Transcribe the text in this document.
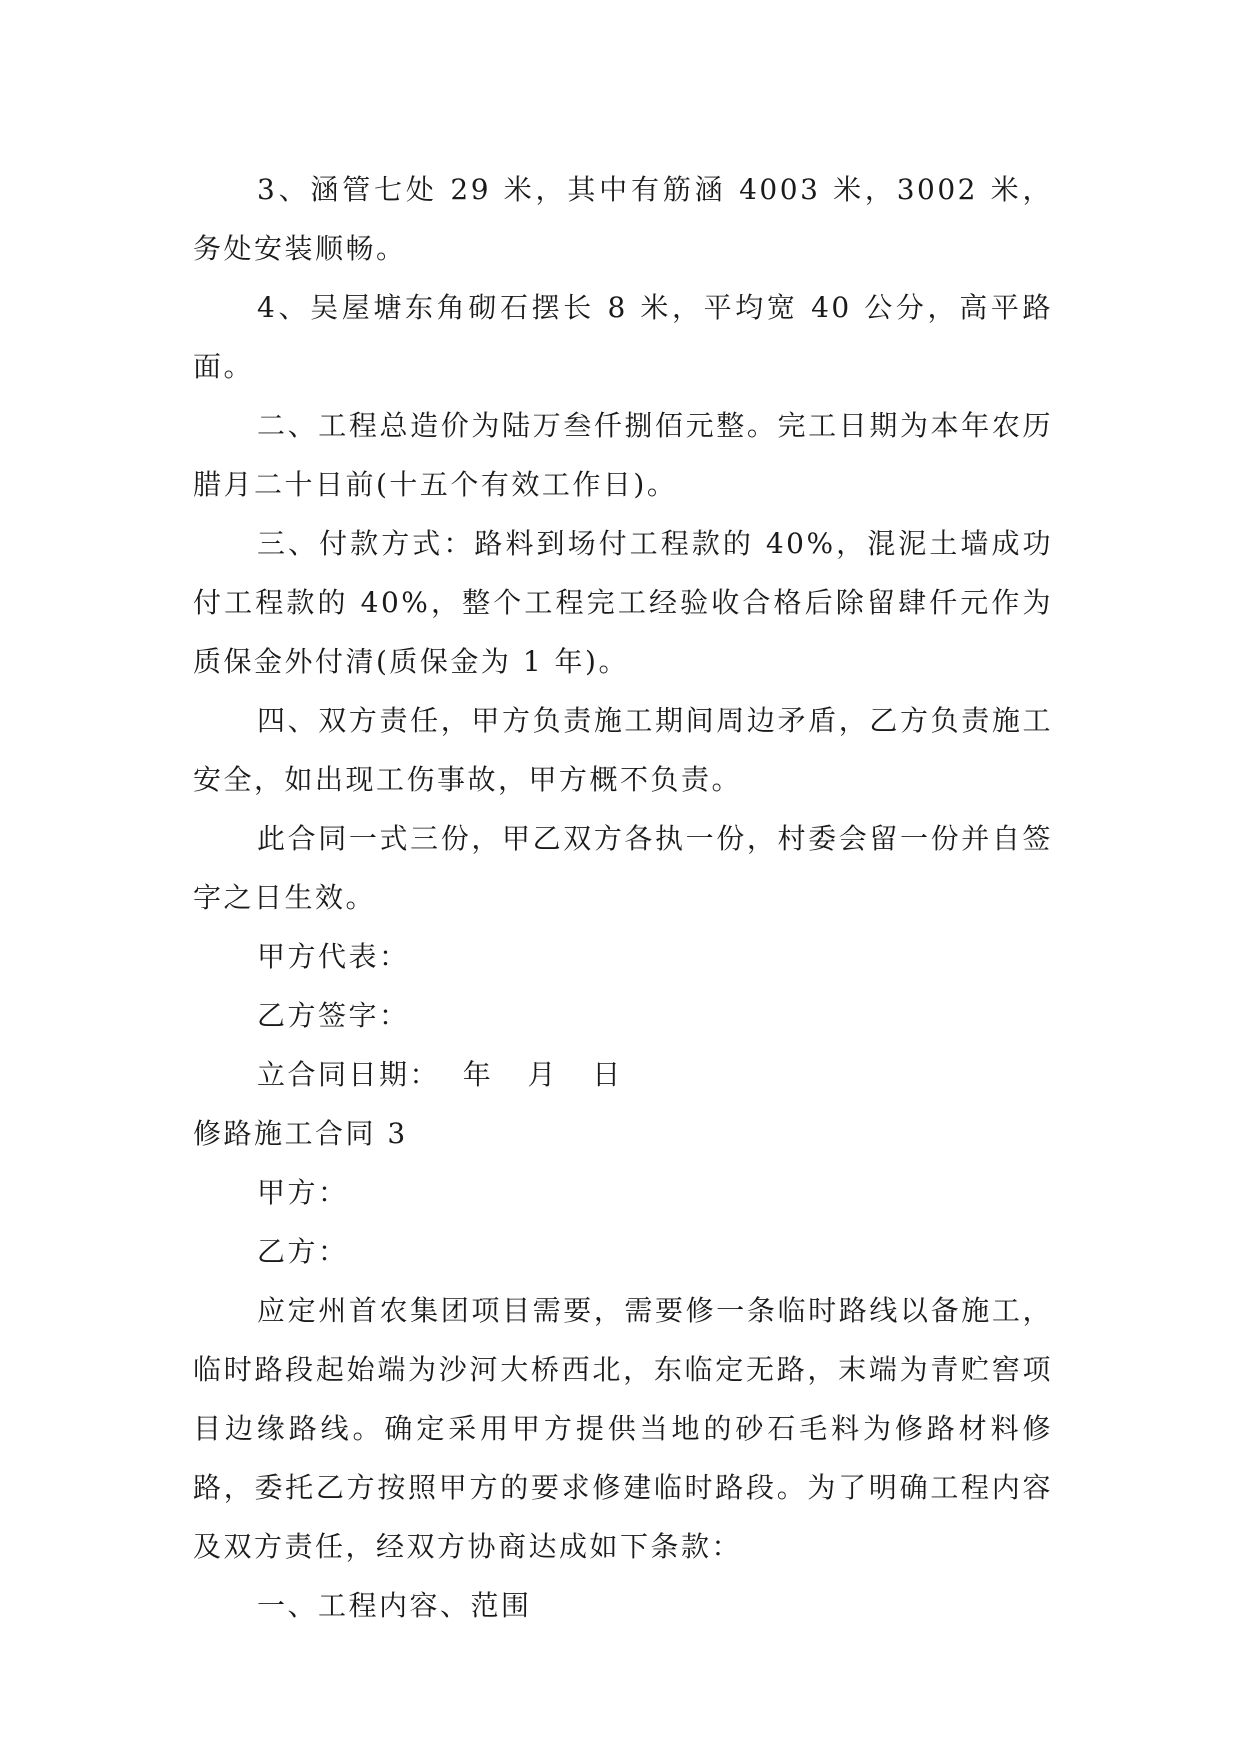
3、涵管七处 29 米，其中有筋涵 4003 米，3002 米，务处安装顺畅。

4、吴屋塘东角砌石摆长 8 米，平均宽 40 公分，高平路面。

二、工程总造价为陆万叁仟捌佰元整。完工日期为本年农历腊月二十日前(十五个有效工作日)。

三、付款方式：路料到场付工程款的 40%，混泥土墙成功付工程款的 40%，整个工程完工经验收合格后除留肆仟元作为质保金外付清(质保金为 1 年)。

四、双方责任，甲方负责施工期间周边矛盾，乙方负责施工安全，如出现工伤事故，甲方概不负责。

此合同一式三份，甲乙双方各执一份，村委会留一份并自签字之日生效。

甲方代表：

乙方签字：

立合同日期：  年   月   日

修路施工合同 3

甲方：

乙方：

应定州首农集团项目需要，需要修一条临时路线以备施工，临时路段起始端为沙河大桥西北，东临定无路，末端为青贮窖项目边缘路线。确定采用甲方提供当地的砂石毛料为修路材料修路，委托乙方按照甲方的要求修建临时路段。为了明确工程内容及双方责任，经双方协商达成如下条款：

一、工程内容、范围
